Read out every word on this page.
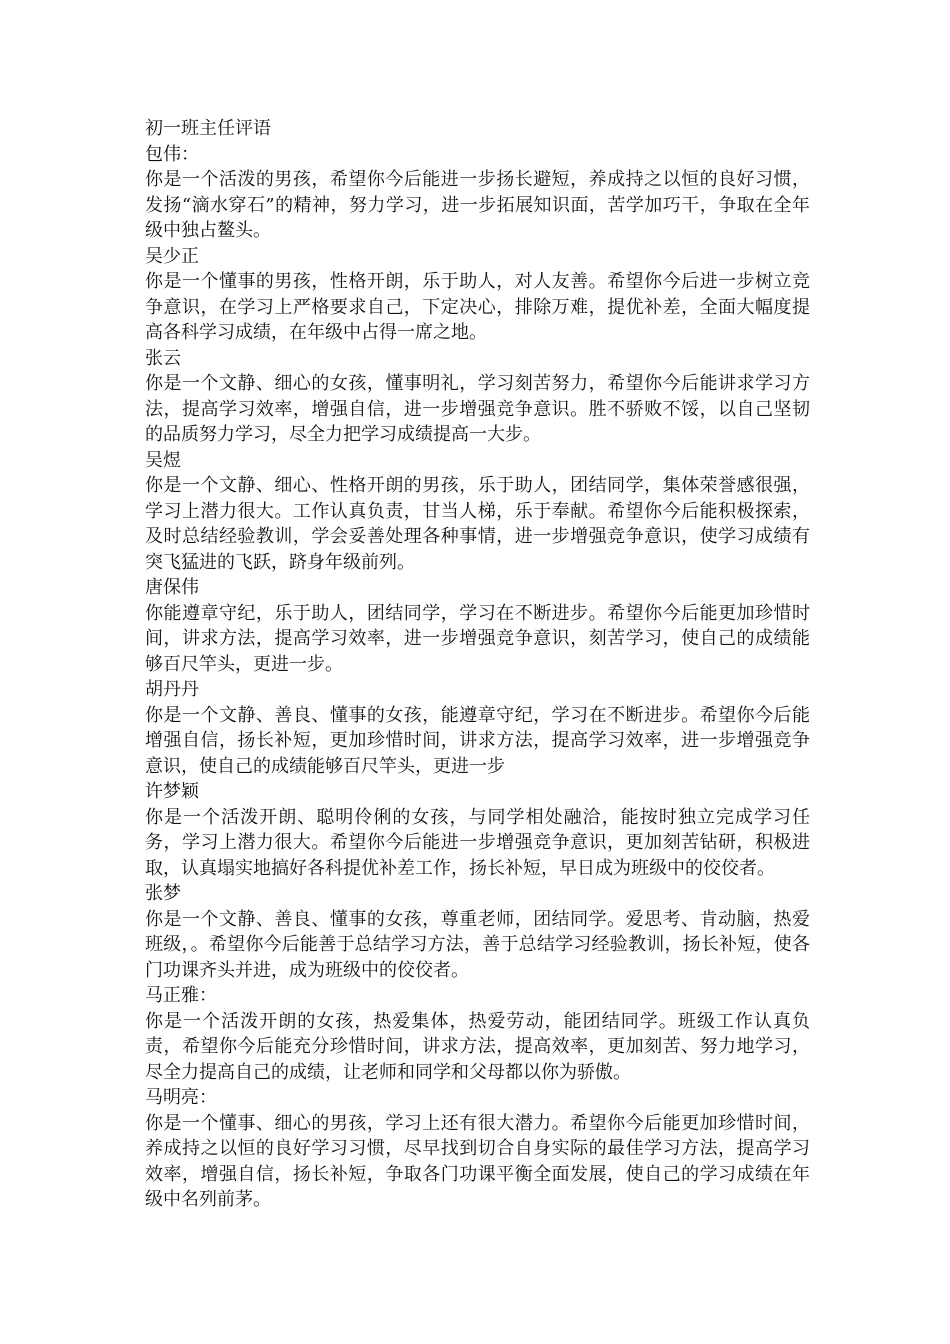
初一班主任评语
包伟：

你是一个活泼的男孩，希望你今后能进一步扬长避短，养成持之以恒的良好习惯，发扬“滴水穿石”的精神，努力学习，进一步拓展知识面，苦学加巧干，争取在全年级中独占鳌头。

吴少正

你是一个懂事的男孩，性格开朗，乐于助人，对人友善。希望你今后进一步树立竞争意识，在学习上严格要求自己，下定决心，排除万难，提优补差，全面大幅度提高各科学习成绩，在年级中占得一席之地。

张云

你是一个文静、细心的女孩，懂事明礼，学习刻苦努力，希望你今后能讲求学习方法，提高学习效率，增强自信，进一步增强竞争意识。胜不骄败不馁，以自己坚韧的品质努力学习，尽全力把学习成绩提高一大步。

吴煜

你是一个文静、细心、性格开朗的男孩，乐于助人，团结同学，集体荣誉感很强，学习上潜力很大。工作认真负责，甘当人梯，乐于奉献。希望你今后能积极探索，及时总结经验教训，学会妥善处理各种事情，进一步增强竞争意识，使学习成绩有突飞猛进的飞跃，跻身年级前列。

唐保伟

你能遵章守纪，乐于助人，团结同学，学习在不断进步。希望你今后能更加珍惜时间，讲求方法，提高学习效率，进一步增强竞争意识，刻苦学习，使自己的成绩能够百尺竿头，更进一步。

胡丹丹

你是一个文静、善良、懂事的女孩，能遵章守纪，学习在不断进步。希望你今后能增强自信，扬长补短，更加珍惜时间，讲求方法，提高学习效率，进一步增强竞争意识，使自己的成绩能够百尺竿头，更进一步

许梦颖

你是一个活泼开朗、聪明伶俐的女孩，与同学相处融洽，能按时独立完成学习任务，学习上潜力很大。希望你今后能进一步增强竞争意识，更加刻苦钻研，积极进取，认真塌实地搞好各科提优补差工作，扬长补短，早日成为班级中的佼佼者。

张梦

你是一个文静、善良、懂事的女孩，尊重老师，团结同学。爱思考、肯动脑，热爱班级，。希望你今后能善于总结学习方法，善于总结学习经验教训，扬长补短，使各门功课齐头并进，成为班级中的佼佼者。

马正雅：

你是一个活泼开朗的女孩，热爱集体，热爱劳动，能团结同学。班级工作认真负责，希望你今后能充分珍惜时间，讲求方法，提高效率，更加刻苦、努力地学习，尽全力提高自己的成绩，让老师和同学和父母都以你为骄傲。

马明亮：

你是一个懂事、细心的男孩，学习上还有很大潜力。希望你今后能更加珍惜时间，养成持之以恒的良好学习习惯，尽早找到切合自身实际的最佳学习方法，提高学习效率，增强自信，扬长补短，争取各门功课平衡全面发展，使自己的学习成绩在年级中名列前茅。
